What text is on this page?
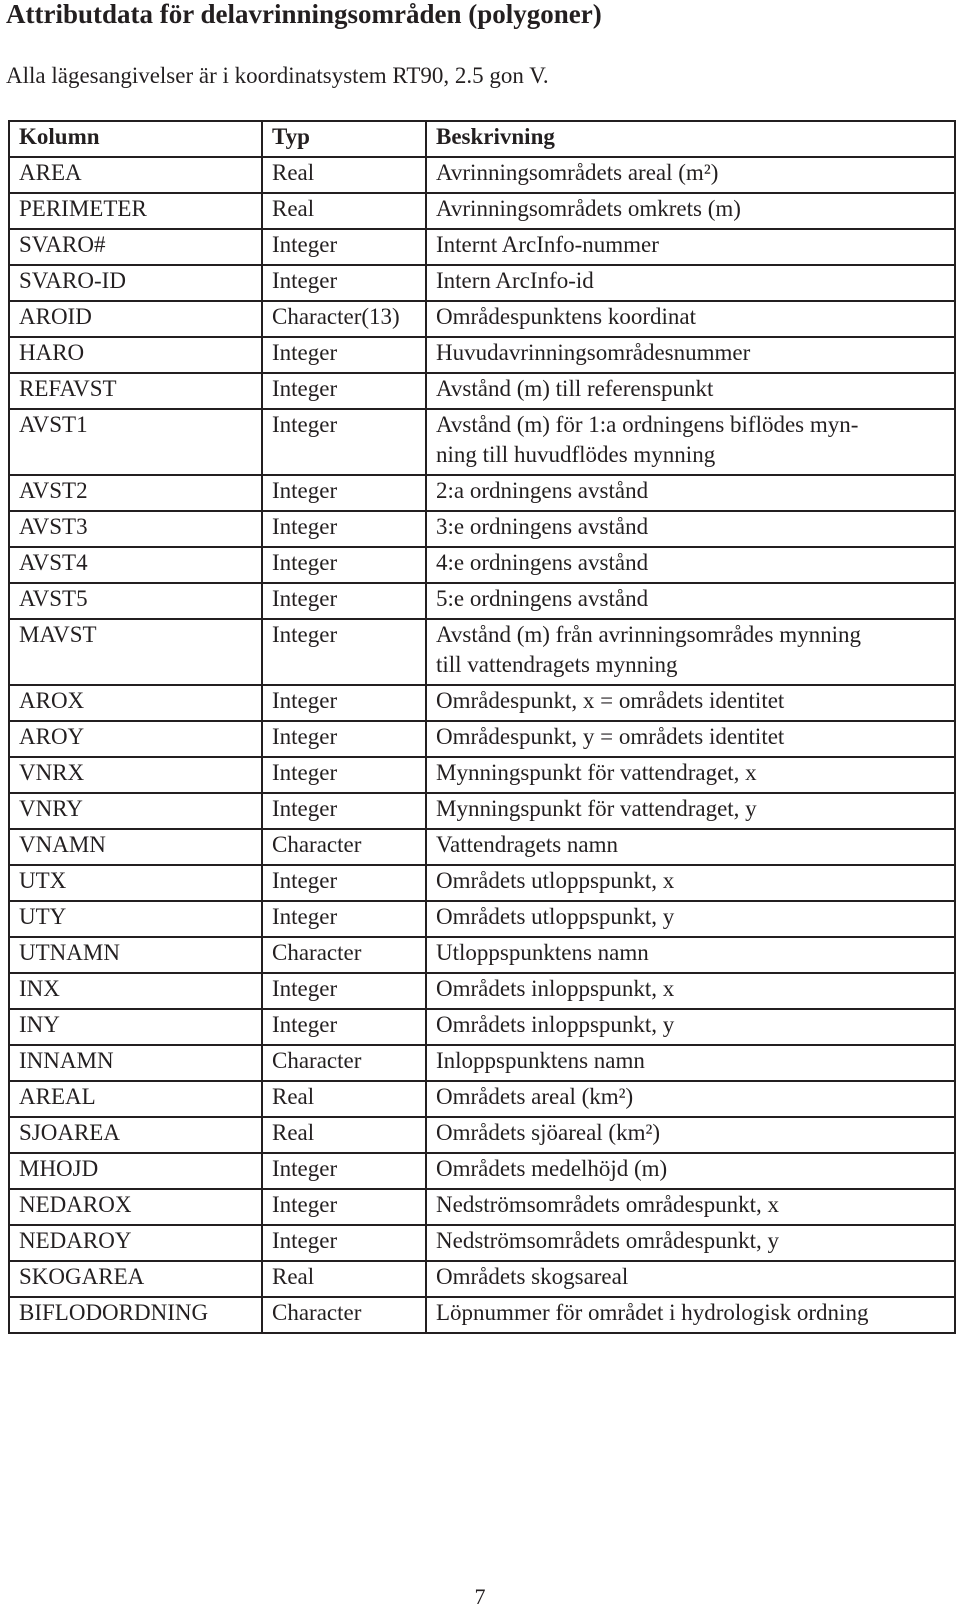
Attributdata för delavrinningsområden (polygoner)

Alla lägesangivelser är i koordinatsystem RT90, 2.5 gon V.

Kolumn	Typ	Beskrivning
AREA	Real	Avrinningsområdets areal (m²)
PERIMETER	Real	Avrinningsområdets omkrets (m)
SVARO#	Integer	Internt ArcInfo-nummer
SVARO-ID	Integer	Intern ArcInfo-id
AROID	Character(13)	Områdespunktens koordinat
HARO	Integer	Huvudavrinningsområdesnummer
REFAVST	Integer	Avstånd (m) till referenspunkt
AVST1	Integer	Avstånd (m) för 1:a ordningens biflödes myn-
ning till huvudflödes mynning
AVST2	Integer	2:a ordningens avstånd
AVST3	Integer	3:e ordningens avstånd
AVST4	Integer	4:e ordningens avstånd
AVST5	Integer	5:e ordningens avstånd
MAVST	Integer	Avstånd (m) från avrinningsområdes mynning
till vattendragets mynning
AROX	Integer	Områdespunkt, x = områdets identitet
AROY	Integer	Områdespunkt, y = områdets identitet
VNRX	Integer	Mynningspunkt för vattendraget, x
VNRY	Integer	Mynningspunkt för vattendraget, y
VNAMN	Character	Vattendragets namn
UTX	Integer	Områdets utloppspunkt, x
UTY	Integer	Områdets utloppspunkt, y
UTNAMN	Character	Utloppspunktens namn
INX	Integer	Områdets inloppspunkt, x
INY	Integer	Områdets inloppspunkt, y
INNAMN	Character	Inloppspunktens namn
AREAL	Real	Områdets areal (km²)
SJOAREA	Real	Områdets sjöareal (km²)
MHOJD	Integer	Områdets medelhöjd (m)
NEDAROX	Integer	Nedströmsområdets områdespunkt, x
NEDAROY	Integer	Nedströmsområdets områdespunkt, y
SKOGAREA	Real	Områdets skogsareal
BIFLODORDNING	Character	Löpnummer för området i hydrologisk ordning
7
